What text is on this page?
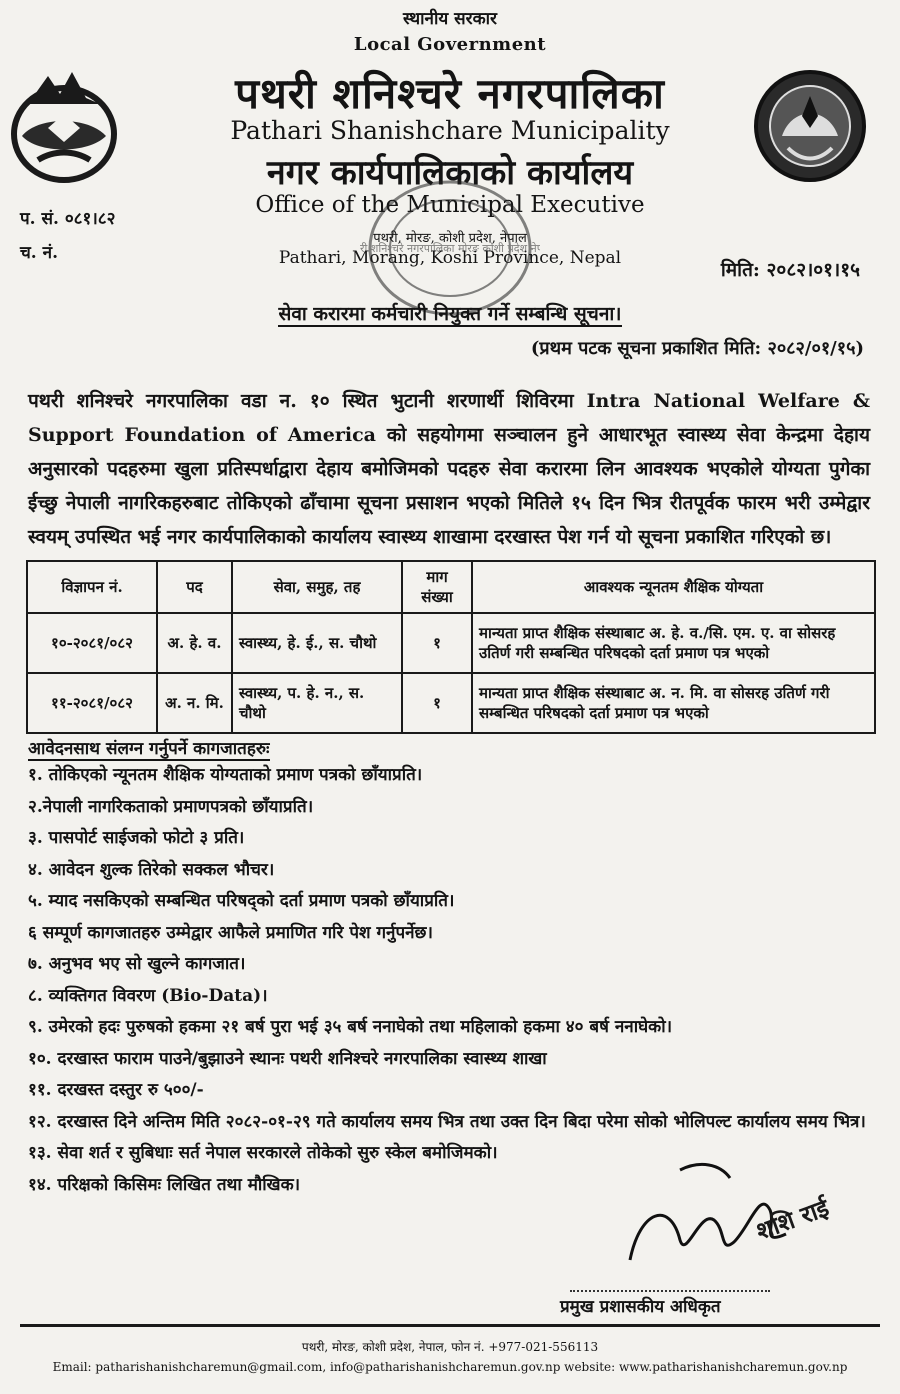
स्थानीय सरकार
Local Government
पथरी शनिश्चरे नगरपालिका
Pathari Shanishchare Municipality
नगर कार्यपालिकाको कार्यालय
Office of the Municipal Executive
पथरी, मोरङ, कोशी प्रदेश, नेपाल
Pathari, Morang, Koshi Province, Nepal
री शनिश्चरे नगरपालिका मोरङ कोशी प्रदेश ने
प. सं. ०८१।८२
च. नं.
मिति: २०८२।०१।१५
सेवा करारमा कर्मचारी नियुक्त गर्ने सम्बन्धि सूचना।
(प्रथम पटक सूचना प्रकाशित मिति: २०८२/०१/१५)
पथरी शनिश्चरे नगरपालिका वडा न. १० स्थित भुटानी शरणार्थी शिविरमा Intra National Welfare & Support Foundation of America को सहयोगमा सञ्चालन हुने आधारभूत स्वास्थ्य सेवा केन्द्रमा देहाय अनुसारको पदहरुमा खुला प्रतिस्पर्धाद्वारा देहाय बमोजिमको पदहरु सेवा करारमा लिन आवश्यक भएकोले योग्यता पुगेका ईच्छु नेपाली नागरिकहरुबाट तोकिएको ढाँचामा सूचना प्रसाशन भएको मितिले १५ दिन भित्र रीतपूर्वक फारम भरी उम्मेद्वार स्वयम् उपस्थित भई नगर कार्यपालिकाको कार्यालय स्वास्थ्य शाखामा दरखास्त पेश गर्न यो सूचना प्रकाशित गरिएको छ।
विज्ञापन नं.	पद	सेवा, समुह, तह	माग संख्या	आवश्यक न्यूनतम शैक्षिक योग्यता
१०-२०८१/०८२	अ. हे. व.	स्वास्थ्य, हे. ई., स. चौथो	१	मान्यता प्राप्त शैक्षिक संस्थाबाट अ. हे. व./सि. एम. ए. वा सोसरह उतिर्ण गरी सम्बन्धित परिषदको दर्ता प्रमाण पत्र भएको
११-२०८१/०८२	अ. न. मि.	स्वास्थ्य, प. हे. न., स. चौथो	१	मान्यता प्राप्त शैक्षिक संस्थाबाट अ. न. मि. वा सोसरह उतिर्ण गरी सम्बन्धित परिषदको दर्ता प्रमाण पत्र भएको
आवेदनसाथ संलग्न गर्नुपर्ने कागजातहरुः
१. तोकिएको न्यूनतम शैक्षिक योग्यताको प्रमाण पत्रको छाँयाप्रति।
२.नेपाली नागरिकताको प्रमाणपत्रको छाँयाप्रति।
३. पासपोर्ट साईजको फोटो ३ प्रति।
४. आवेदन शुल्क तिरेको सक्कल भौचर।
५. म्याद नसकिएको सम्बन्धित परिषद्को दर्ता प्रमाण पत्रको छाँयाप्रति।
६ सम्पूर्ण कागजातहरु उम्मेद्वार आफैले प्रमाणित गरि पेश गर्नुपर्नेछ।
७. अनुभव भए सो खुल्ने कागजात।
८. व्यक्तिगत विवरण (Bio-Data)।
९. उमेरको हदः पुरुषको हकमा २१ बर्ष पुरा भई ३५ बर्ष ननाघेको तथा महिलाको हकमा ४० बर्ष ननाघेको।
१०. दरखास्त फाराम पाउने/बुझाउने स्थानः पथरी शनिश्चरे नगरपालिका स्वास्थ्य शाखा
११. दरखस्त दस्तुर रु ५००/-
१२. दरखास्त दिने अन्तिम मिति २०८२-०१-२९ गते कार्यालय समय भित्र तथा उक्त दिन बिदा परेमा सोको भोलिपल्ट कार्यालय समय भित्र।
१३. सेवा शर्त र सुबिधाः सर्त नेपाल सरकारले तोकेको सुरु स्केल बमोजिमको।
१४. परिक्षको किसिमः लिखित तथा मौखिक।
शशि राई
प्रमुख प्रशासकीय अधिकृत
पथरी, मोरङ, कोशी प्रदेश, नेपाल, फोन नं. +977-021-556113
Email: patharishanishcharemun@gmail.com, info@patharishanishcharemun.gov.np website: www.patharishanishcharemun.gov.np
